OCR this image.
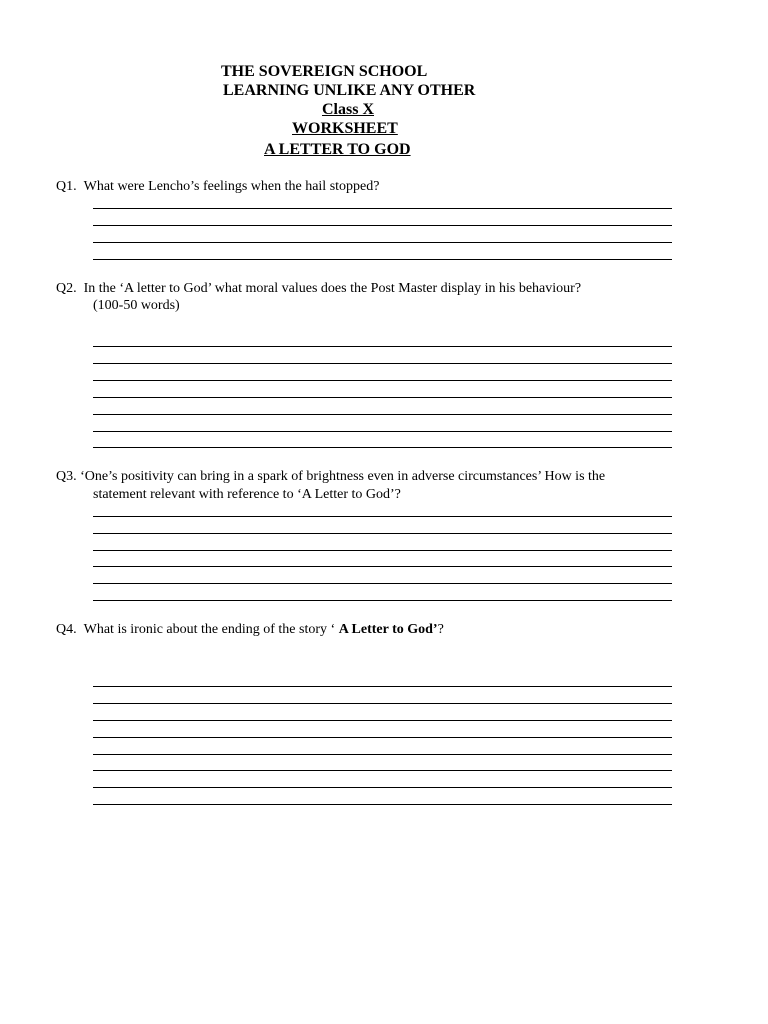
THE SOVEREIGN SCHOOL
LEARNING UNLIKE ANY OTHER
Class X
WORKSHEET
A LETTER TO GOD
Q1. What were Lencho’s feelings when the hail stopped?
Q2. In the ‘A letter to God’ what moral values does the Post Master display in his behaviour?
(100-50 words)
Q3. ‘One’s positivity can bring in a spark of brightness even in adverse circumstances’ How is the
statement relevant with reference to ‘A Letter to God’?
Q4. What is ironic about the ending of the story ‘ A Letter to God’?
